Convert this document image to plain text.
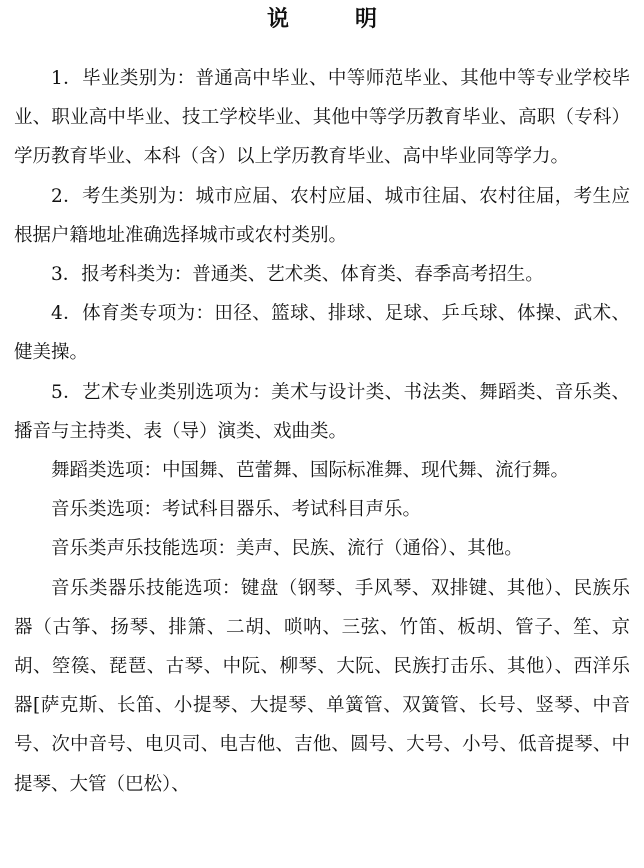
说　明

1．毕业类别为：普通高中毕业、中等师范毕业、其他中等专业学校毕业、职业高中毕业、技工学校毕业、其他中等学历教育毕业、高职（专科）学历教育毕业、本科（含）以上学历教育毕业、高中毕业同等学力。

2．考生类别为：城市应届、农村应届、城市往届、农村往届，考生应根据户籍地址准确选择城市或农村类别。

3．报考科类为：普通类、艺术类、体育类、春季高考招生。

4．体育类专项为：田径、篮球、排球、足球、乒乓球、体操、武术、健美操。

5．艺术专业类别选项为：美术与设计类、书法类、舞蹈类、音乐类、播音与主持类、表（导）演类、戏曲类。

舞蹈类选项：中国舞、芭蕾舞、国际标准舞、现代舞、流行舞。

音乐类选项：考试科目器乐、考试科目声乐。

音乐类声乐技能选项：美声、民族、流行（通俗）、其他。

音乐类器乐技能选项：键盘（钢琴、手风琴、双排键、其他）、民族乐器（古筝、扬琴、排箫、二胡、唢呐、三弦、竹笛、板胡、管子、笙、京胡、箜篌、琵琶、古琴、中阮、柳琴、大阮、民族打击乐、其他）、西洋乐器[萨克斯、长笛、小提琴、大提琴、单簧管、双簧管、长号、竖琴、中音号、次中音号、电贝司、电吉他、吉他、圆号、大号、小号、低音提琴、中提琴、大管（巴松）、
